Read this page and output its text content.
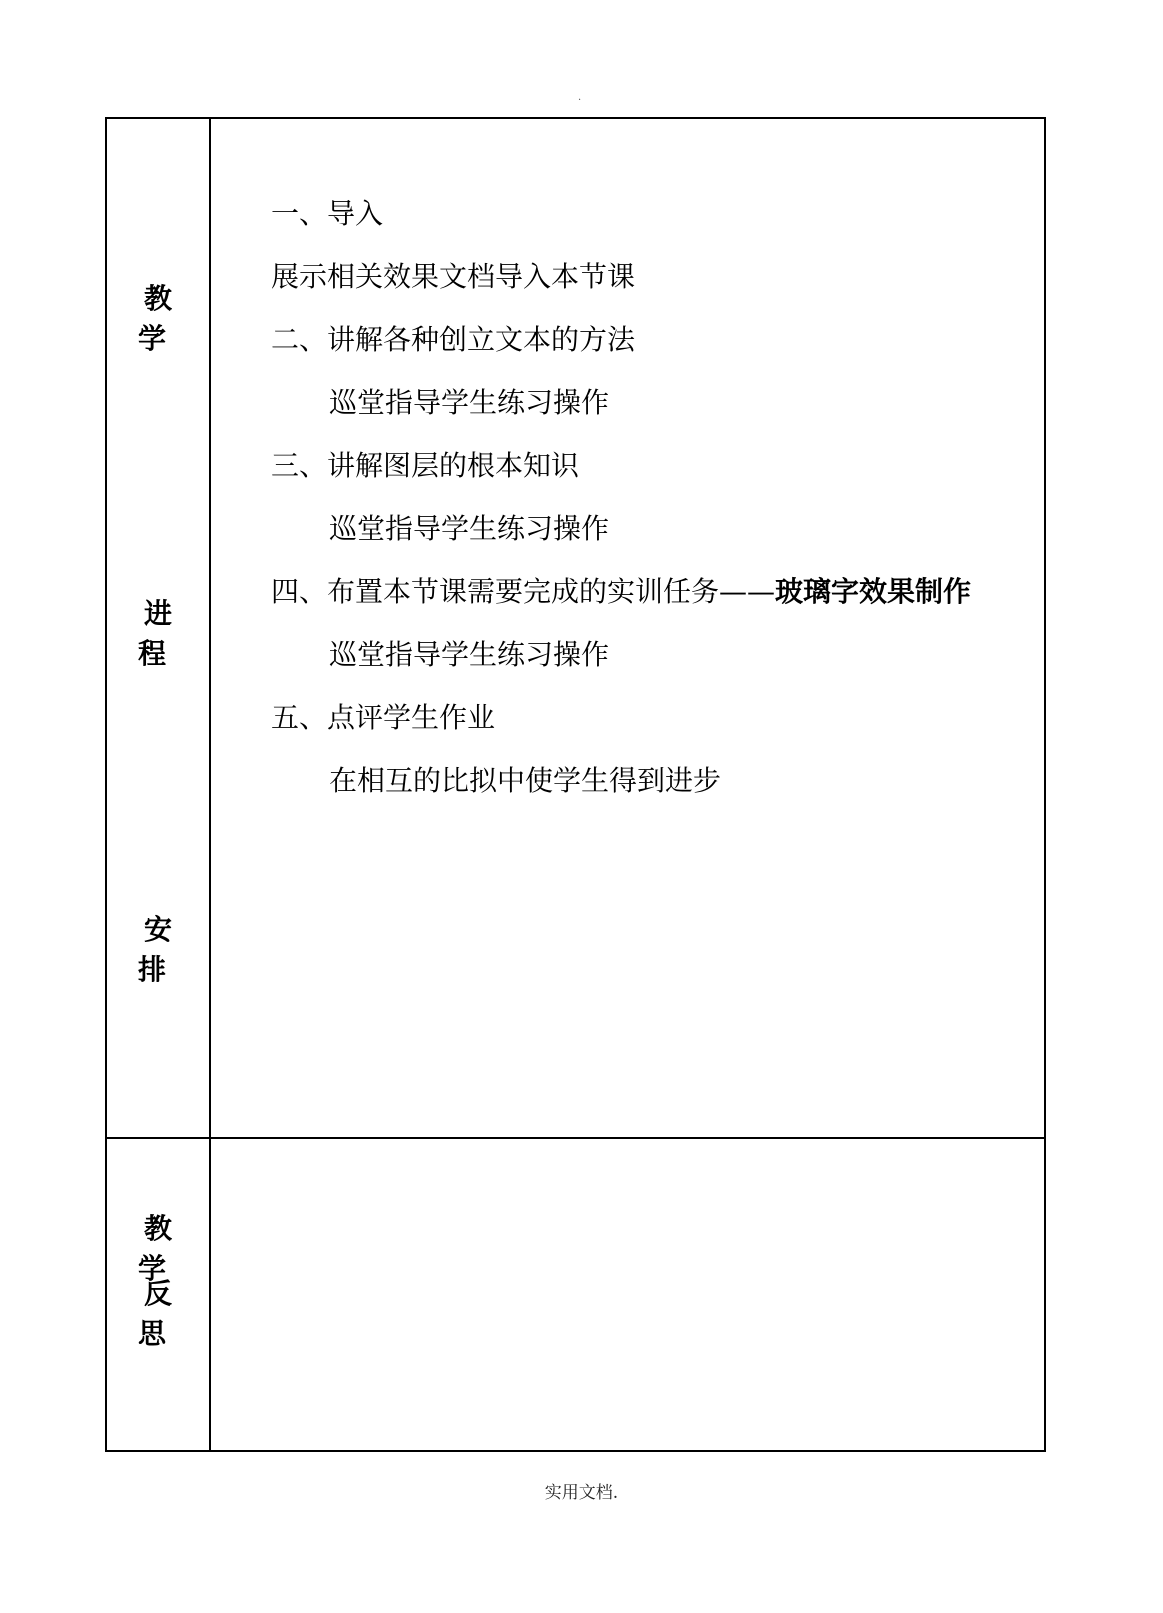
.
教 学
进 程
安 排
教 学
反 思
一、导入
展示相关效果文档导入本节课
二、讲解各种创立文本的方法
巡堂指导学生练习操作
三、讲解图层的根本知识
巡堂指导学生练习操作
四、布置本节课需要完成的实训任务——玻璃字效果制作
巡堂指导学生练习操作
五、点评学生作业
在相互的比拟中使学生得到进步
实用文档.
